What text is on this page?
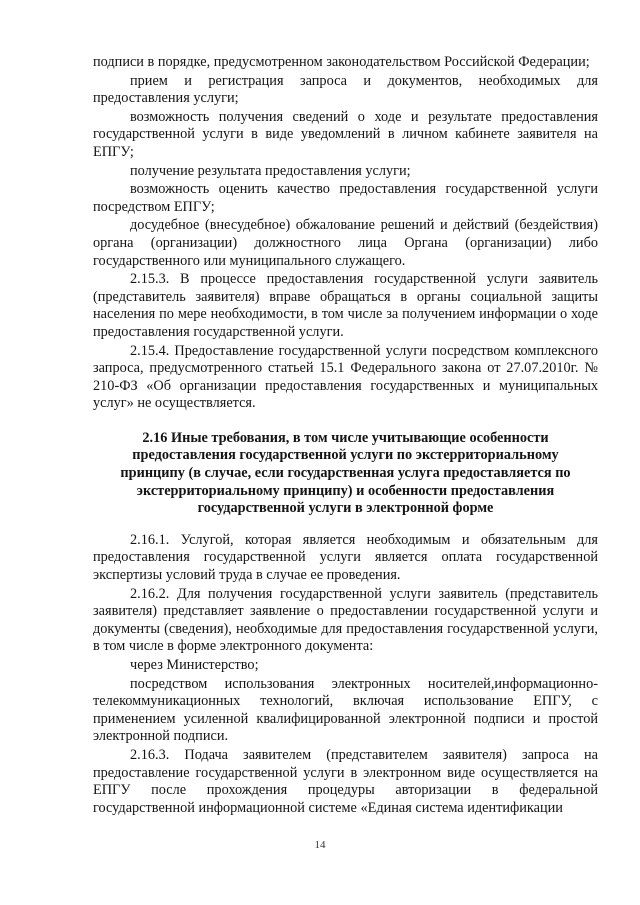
подписи в порядке, предусмотренном законодательством Российской Федерации;

прием и регистрация запроса и документов, необходимых для предоставления услуги;

возможность получения сведений о ходе и результате предоставления государственной услуги в виде уведомлений в личном кабинете заявителя на ЕПГУ;

получение результата предоставления услуги;

возможность оценить качество предоставления государственной услуги посредством ЕПГУ;

досудебное (внесудебное) обжалование решений и действий (бездействия) органа (организации) должностного лица Органа (организации) либо государственного или муниципального служащего.

2.15.3. В процессе предоставления государственной услуги заявитель (представитель заявителя) вправе обращаться в органы социальной защиты населения по мере необходимости, в том числе за получением информации о ходе предоставления государственной услуги.

2.15.4. Предоставление государственной услуги посредством комплексного запроса, предусмотренного статьей 15.1 Федерального закона от 27.07.2010г. № 210-ФЗ «Об организации предоставления государственных и муниципальных услуг» не осуществляется.

2.16 Иные требования, в том числе учитывающие особенности предоставления государственной услуги по экстерриториальному принципу (в случае, если государственная услуга предоставляется по экстерриториальному принципу) и особенности предоставления государственной услуги в электронной форме

2.16.1. Услугой, которая является необходимым и обязательным для предоставления государственной услуги является оплата государственной экспертизы условий труда в случае ее проведения.

2.16.2. Для получения государственной услуги заявитель (представитель заявителя) представляет заявление о предоставлении государственной услуги и документы (сведения), необходимые для предоставления государственной услуги, в том числе в форме электронного документа:

через Министерство;

посредством использования электронных носителей,информационно-телекоммуникационных технологий, включая использование ЕПГУ, с применением усиленной квалифицированной электронной подписи и простой электронной подписи.

2.16.3. Подача заявителем (представителем заявителя) запроса на предоставление государственной услуги в электронном виде осуществляется на ЕПГУ после прохождения процедуры авторизации в федеральной государственной информационной системе «Единая система идентификации

14
